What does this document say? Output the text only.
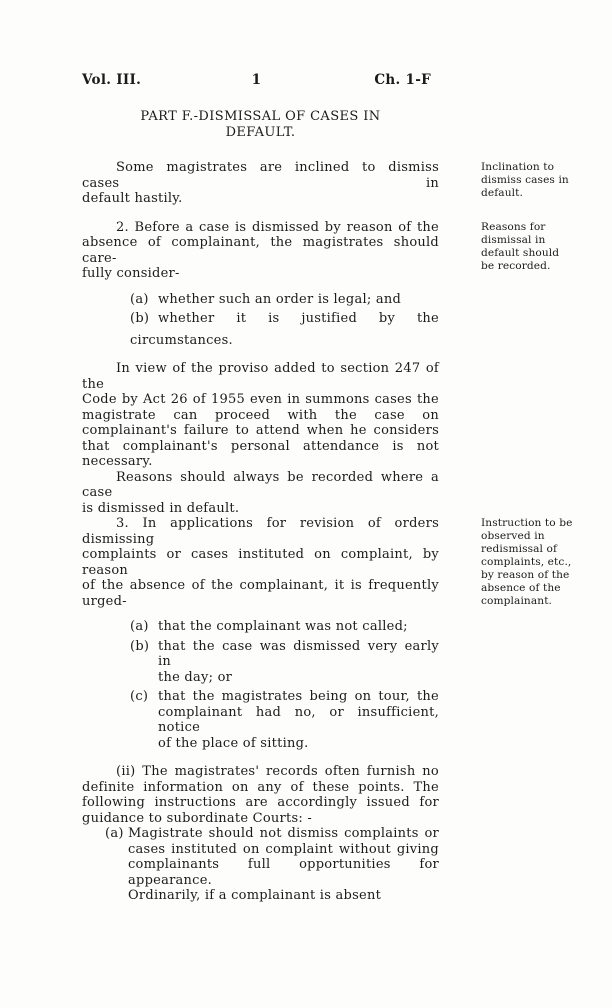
Vol. III.	1	Ch. 1-F
PART F.-DISMISSAL OF CASES IN
DEFAULT.
Some magistrates are inclined to dismiss cases in
default hastily.
2. Before a case is dismissed by reason of the
absence of complainant, the magistrates should care-
fully consider-
(a) whether such an order is legal; and
(b) whether it is justified by the
circumstances.
In view of the proviso added to section 247 of the
Code by Act 26 of 1955 even in summons cases the
magistrate can proceed with the case on
complainant's failure to attend when he considers
that complainant's personal attendance is not
necessary.
Reasons should always be recorded where a case
is dismissed in default.
3. In applications for revision of orders dismissing
complaints or cases instituted on complaint, by reason
of the absence of the complainant, it is frequently
urged-
(a) that the complainant was not called;
(b) that the case was dismissed very early in
the day; or
(c) that the magistrates being on tour, the
complainant had no, or insufficient, notice
of the place of sitting.
(ii) The magistrates' records often furnish no
definite information on any of these points. The
following instructions are accordingly issued for
guidance to subordinate Courts: -
(a) Magistrate should not dismiss complaints or
cases instituted on complaint without giving
complainants full opportunities for appearance.
Ordinarily, if a complainant is absent
Inclination to dismiss cases in default.
Reasons for dismissal in default should be recorded.
Instruction to be observed in redismissal of complaints, etc., by reason of the absence of the complainant.
